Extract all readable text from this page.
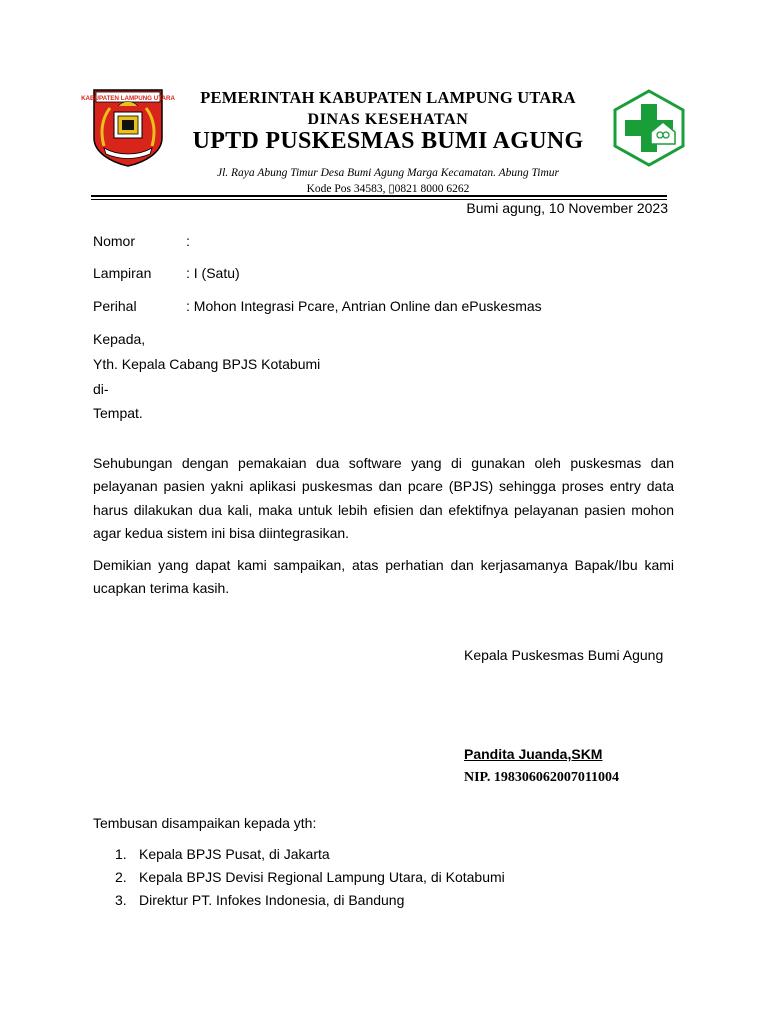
KABUPATEN LAMPUNG UTARA	PEMERINTAH KABUPATEN LAMPUNG UTARA
DINAS KESEHATAN
UPTD PUSKESMAS BUMI AGUNG
Jl. Raya Abung Timur Desa Bumi Agung Marga Kecamatan. Abung Timur
Kode Pos 34583, ▯0821 8000 6262
Bumi agung, 10 November 2023
Nomor	:
Lampiran : I (Satu)
Perihal	: Mohon Integrasi Pcare, Antrian Online dan ePuskesmas
Kepada,
Yth. Kepala Cabang BPJS Kotabumi
di-
Tempat.

Sehubungan dengan pemakaian dua software yang di gunakan oleh puskesmas dan pelayanan pasien yakni aplikasi puskesmas dan pcare (BPJS) sehingga proses entry data harus dilakukan dua kali, maka untuk lebih efisien dan efektifnya pelayanan pasien mohon agar kedua sistem ini bisa diintegrasikan.

Demikian yang dapat kami sampaikan, atas perhatian dan kerjasamanya Bapak/Ibu kami ucapkan terima kasih.

Kepala Puskesmas Bumi Agung
Pandita Juanda,SKM
NIP. 198306062007011004
Tembusan disampaikan kepada yth:
1. Kepala BPJS Pusat, di Jakarta
2. Kepala BPJS Devisi Regional Lampung Utara, di Kotabumi
3. Direktur PT. Infokes Indonesia, di Bandung
